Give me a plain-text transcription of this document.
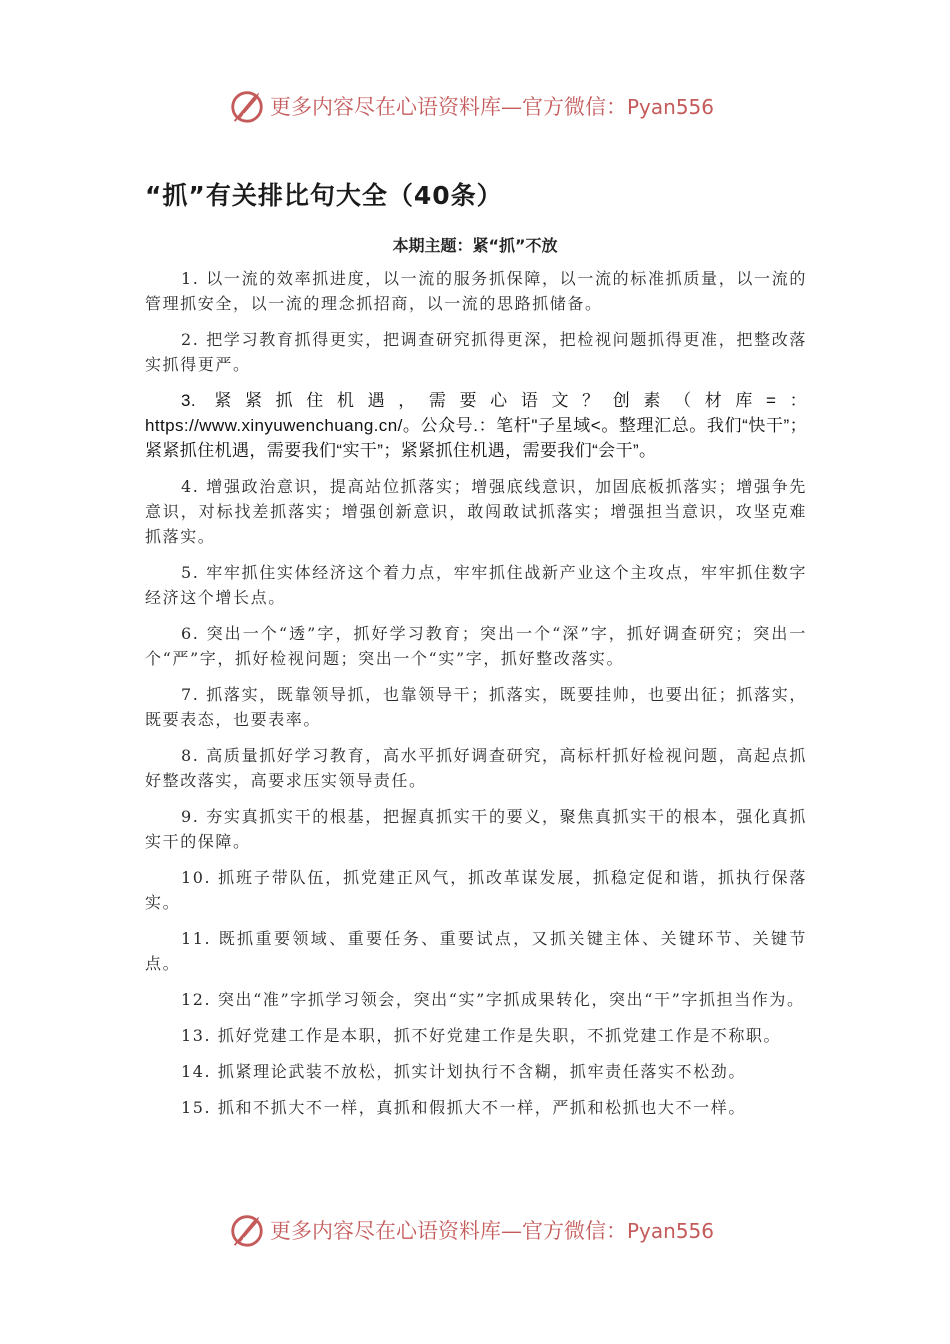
更多内容尽在心语资料库—官方微信：Pyan556
“抓”有关排比句大全（40条）

本期主题：紧“抓”不放

1. 以一流的效率抓进度，以一流的服务抓保障，以一流的标准抓质量，以一流的管理抓安全，以一流的理念抓招商，以一流的思路抓储备。
2. 把学习教育抓得更实，把调查研究抓得更深，把检视问题抓得更准，把整改落实抓得更严。
3. 紧紧抓住机遇，需要心语文？创素（材库=：https://www.xinyuwenchuang.cn/。公众号.：笔杆"子星域<。整理汇总。我们“快干”；紧紧抓住机遇，需要我们“实干”；紧紧抓住机遇，需要我们“会干”。
4. 增强政治意识，提高站位抓落实；增强底线意识，加固底板抓落实；增强争先意识，对标找差抓落实；增强创新意识，敢闯敢试抓落实；增强担当意识，攻坚克难抓落实。
5. 牢牢抓住实体经济这个着力点，牢牢抓住战新产业这个主攻点，牢牢抓住数字经济这个增长点。
6. 突出一个“透”字，抓好学习教育；突出一个“深”字，抓好调查研究；突出一个“严”字，抓好检视问题；突出一个“实”字，抓好整改落实。
7. 抓落实，既靠领导抓，也靠领导干；抓落实，既要挂帅，也要出征；抓落实，既要表态，也要表率。
8. 高质量抓好学习教育，高水平抓好调查研究，高标杆抓好检视问题，高起点抓好整改落实，高要求压实领导责任。
9. 夯实真抓实干的根基，把握真抓实干的要义，聚焦真抓实干的根本，强化真抓实干的保障。
10. 抓班子带队伍，抓党建正风气，抓改革谋发展，抓稳定促和谐，抓执行保落实。
11. 既抓重要领域、重要任务、重要试点，又抓关键主体、关键环节、关键节点。
12. 突出“准”字抓学习领会，突出“实”字抓成果转化，突出“干”字抓担当作为。
13. 抓好党建工作是本职，抓不好党建工作是失职，不抓党建工作是不称职。
14. 抓紧理论武装不放松，抓实计划执行不含糊，抓牢责任落实不松劲。
15. 抓和不抓大不一样，真抓和假抓大不一样，严抓和松抓也大不一样。
更多内容尽在心语资料库—官方微信：Pyan556
